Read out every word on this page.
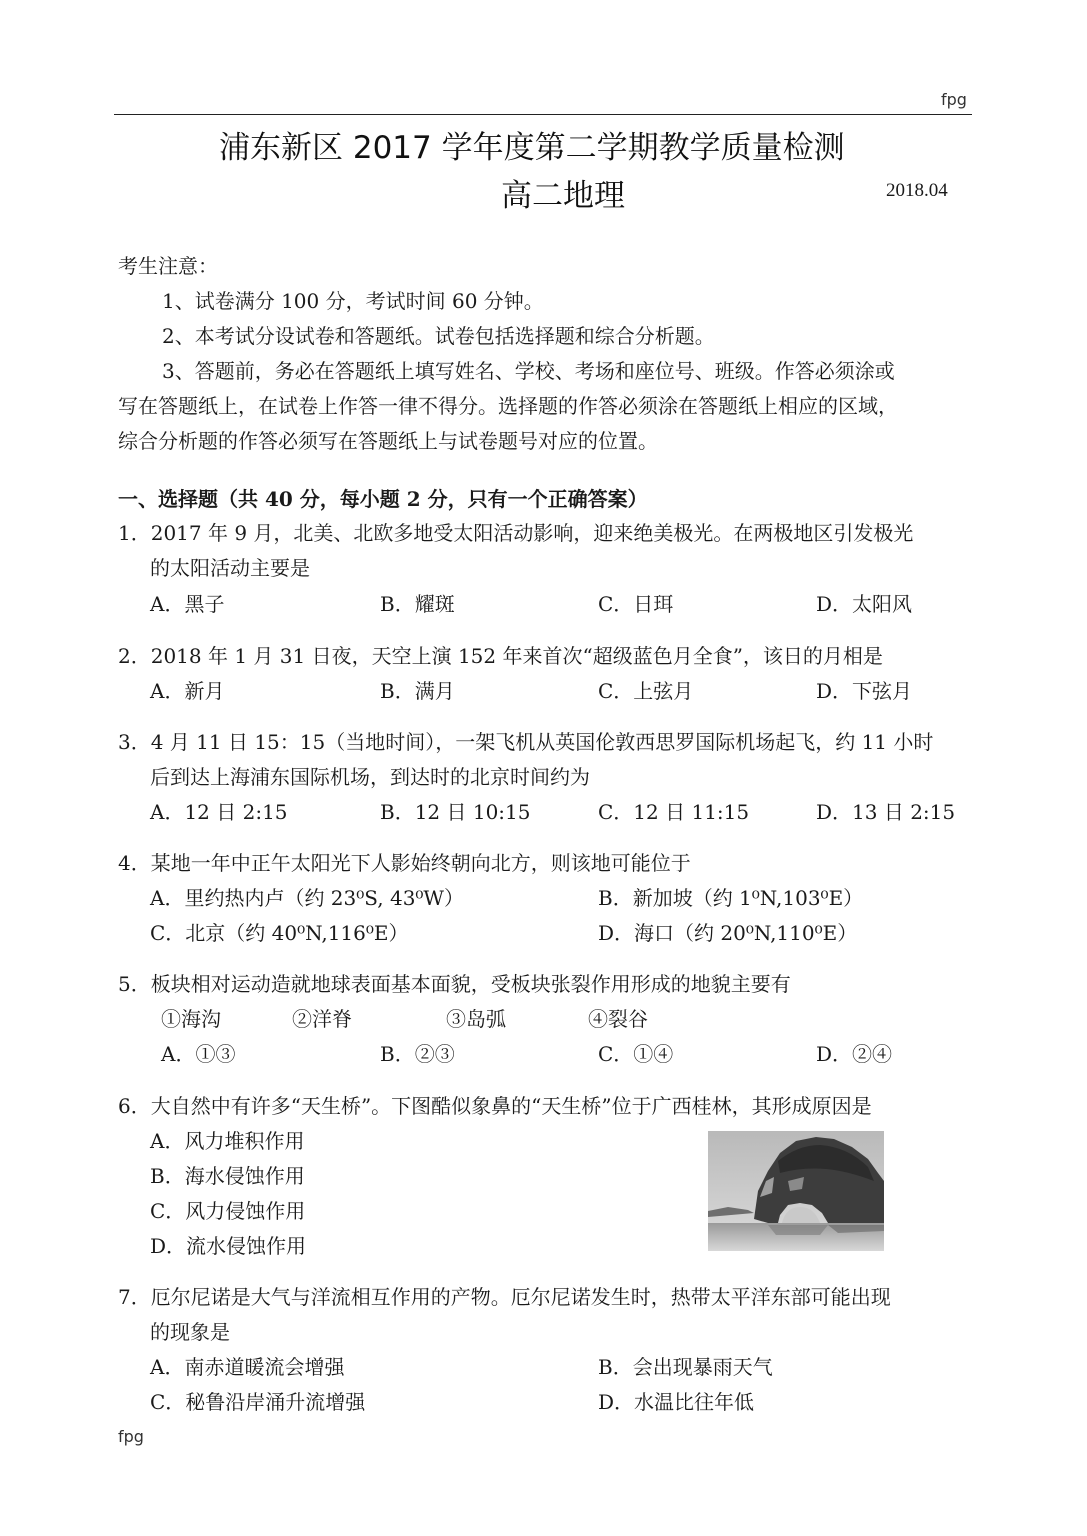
fpg
浦东新区 2017 学年度第二学期教学质量检测
高二地理	2018.04
考生注意：
1、试卷满分 100 分，考试时间 60 分钟。
2、本考试分设试卷和答题纸。试卷包括选择题和综合分析题。
3、答题前，务必在答题纸上填写姓名、学校、考场和座位号、班级。作答必须涂或
写在答题纸上，在试卷上作答一律不得分。选择题的作答必须涂在答题纸上相应的区域，
综合分析题的作答必须写在答题纸上与试卷题号对应的位置。
一、选择题（共 40 分，每小题 2 分，只有一个正确答案）
1．2017 年 9 月，北美、北欧多地受太阳活动影响，迎来绝美极光。在两极地区引发极光
的太阳活动主要是
A．黑子	B．耀斑	C．日珥	D．太阳风
2．2018 年 1 月 31 日夜，天空上演 152 年来首次“超级蓝色月全食”，该日的月相是
A．新月	B．满月	C．上弦月	D．下弦月
3．4 月 11 日 15：15（当地时间），一架飞机从英国伦敦西思罗国际机场起飞，约 11 小时
后到达上海浦东国际机场，到达时的北京时间约为
A．12 日 2:15	B．12 日 10:15	C．12 日 11:15	D．13 日 2:15
4．某地一年中正午太阳光下人影始终朝向北方，则该地可能位于
A．里约热内卢（约 23⁰S, 43⁰W）	B．新加坡（约 1⁰N,103⁰E）
C．北京（约 40⁰N,116⁰E）	D．海口（约 20⁰N,110⁰E）
5．板块相对运动造就地球表面基本面貌，受板块张裂作用形成的地貌主要有
①海沟	②洋脊	③岛弧	④裂谷
A．①③	B．②③	C．①④	D．②④
6．大自然中有许多“天生桥”。下图酷似象鼻的“天生桥”位于广西桂林，其形成原因是
A．风力堆积作用
B．海水侵蚀作用
C．风力侵蚀作用
D．流水侵蚀作用
7．厄尔尼诺是大气与洋流相互作用的产物。厄尔尼诺发生时，热带太平洋东部可能出现
的现象是
A．南赤道暖流会增强	B．会出现暴雨天气
C．秘鲁沿岸涌升流增强	D．水温比往年低
fpg
